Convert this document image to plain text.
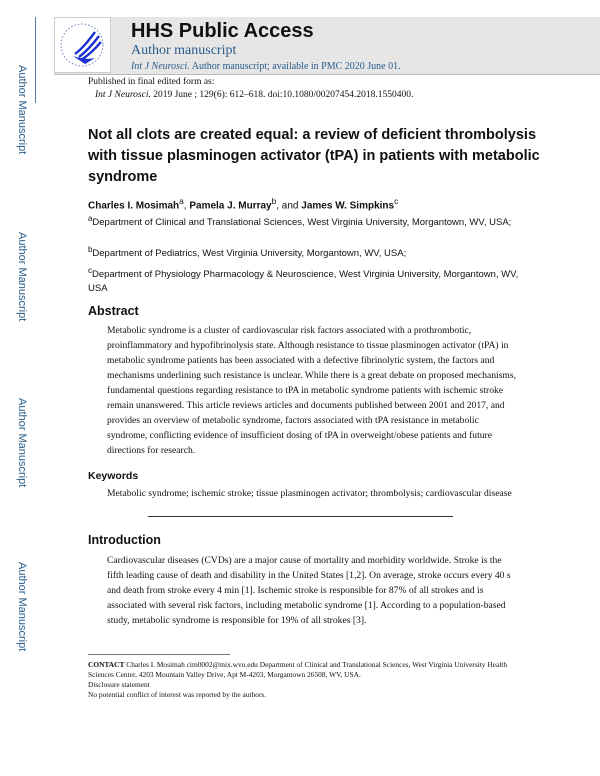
Author Manuscript
Author Manuscript
Author Manuscript
Author Manuscript
HHS Public Access
Author manuscript
Int J Neurosci. Author manuscript; available in PMC 2020 June 01.
Published in final edited form as:
Int J Neurosci. 2019 June ; 129(6): 612–618. doi:10.1080/00207454.2018.1550400.
Not all clots are created equal: a review of deficient thrombolysis with tissue plasminogen activator (tPA) in patients with metabolic syndrome
Charles I. Mosimah$^a$, Pamela J. Murray$^b$, and James W. Simpkins$^c$
$^a$Department of Clinical and Translational Sciences, West Virginia University, Morgantown, WV, USA;
$^b$Department of Pediatrics, West Virginia University, Morgantown, WV, USA;
$^c$Department of Physiology Pharmacology & Neuroscience, West Virginia University, Morgantown, WV, USA
Abstract
Metabolic syndrome is a cluster of cardiovascular risk factors associated with a prothrombotic, proinflammatory and hypofibrinolysis state. Although resistance to tissue plasminogen activator (tPA) in metabolic syndrome patients has been associated with a defective fibrinolytic system, the factors and mechanisms underlining such resistance is unclear. While there is a great debate on proposed mechanisms, fundamental questions regarding resistance to tPA in metabolic syndrome patients with ischemic stroke remain unanswered. This article reviews articles and documents published between 2001 and 2017, and provides an overview of metabolic syndrome, factors associated with tPA resistance in metabolic syndrome, conflicting evidence of insufficient dosing of tPA in overweight/obese patients and future directions for research.
Keywords
Metabolic syndrome; ischemic stroke; tissue plasminogen activator; thrombolysis; cardiovascular disease
Introduction
Cardiovascular diseases (CVDs) are a major cause of mortality and morbidity worldwide. Stroke is the fifth leading cause of death and disability in the United States [1,2]. On average, stroke occurs every 40 s and death from stroke every 4 min [1]. Ischemic stroke is responsible for 87% of all strokes and is associated with several risk factors, including metabolic syndrome [1]. According to a population-based study, metabolic syndrome is responsible for 19% of all strokes [3].
CONTACT Charles I. Mosimah cim0002@mix.wvu.edu Department of Clinical and Translational Sciences, West Virginia University Health Sciences Center, 4203 Mountain Valley Drive, Apt M-4203, Morgantown 26508, WV, USA.
Disclosure statement
No potential conflict of interest was reported by the authors.
